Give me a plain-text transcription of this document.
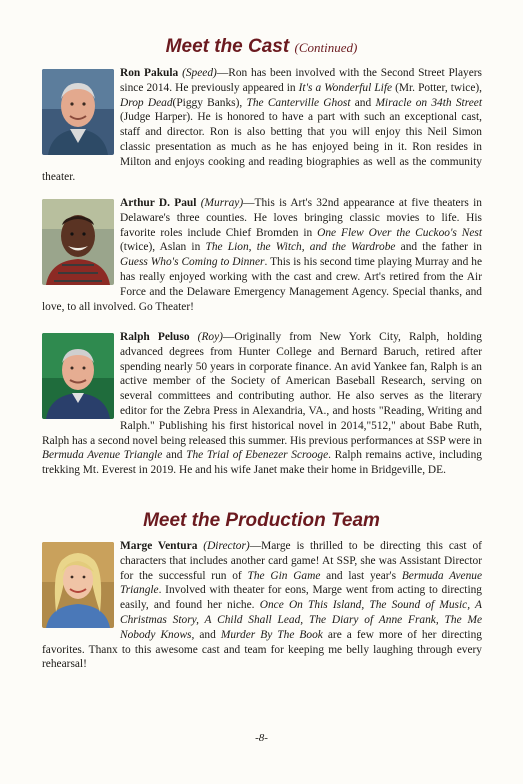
Meet the Cast (Continued)

Ron Pakula (Speed)—Ron has been involved with the Second Street Players since 2014. He previously appeared in It's a Wonderful Life (Mr. Potter, twice), Drop Dead(Piggy Banks), The Canterville Ghost and Miracle on 34th Street (Judge Harper). He is honored to have a part with such an exceptional cast, staff and director. Ron is also betting that you will enjoy this Neil Simon classic presentation as much as he has enjoyed being in it. Ron resides in Milton and enjoys cooking and reading biographies as well as the community theater.

Arthur D. Paul (Murray)—This is Art's 32nd appearance at five theaters in Delaware's three counties. He loves bringing classic movies to life. His favorite roles include Chief Bromden in One Flew Over the Cuckoo's Nest (twice), Aslan in The Lion, the Witch, and the Wardrobe and the father in Guess Who's Coming to Dinner. This is his second time playing Murray and he has really enjoyed working with the cast and crew. Art's retired from the Air Force and the Delaware Emergency Management Agency. Special thanks, and love, to all involved. Go Theater!

Ralph Peluso (Roy)—Originally from New York City, Ralph, holding advanced degrees from Hunter College and Bernard Baruch, retired after spending nearly 50 years in corporate finance. An avid Yankee fan, Ralph is an active member of the Society of American Baseball Research, serving on several committees and contributing author. He also serves as the literary editor for the Zebra Press in Alexandria, VA., and hosts "Reading, Writing and Ralph." Publishing his first historical novel in 2014,"512," about Babe Ruth, Ralph has a second novel being released this summer. His previous performances at SSP were in Bermuda Avenue Triangle and The Trial of Ebenezer Scrooge. Ralph remains active, including trekking Mt. Everest in 2019. He and his wife Janet make their home in Bridgeville, DE.

Meet the Production Team

Marge Ventura (Director)—Marge is thrilled to be directing this cast of characters that includes another card game! At SSP, she was Assistant Director for the successful run of The Gin Game and last year's Bermuda Avenue Triangle. Involved with theater for eons, Marge went from acting to directing easily, and found her niche. Once On This Island, The Sound of Music, A Christmas Story, A Child Shall Lead, The Diary of Anne Frank, The Me Nobody Knows, and Murder By The Book are a few more of her directing favorites. Thanx to this awesome cast and team for keeping me belly laughing through every rehearsal!

-8-
